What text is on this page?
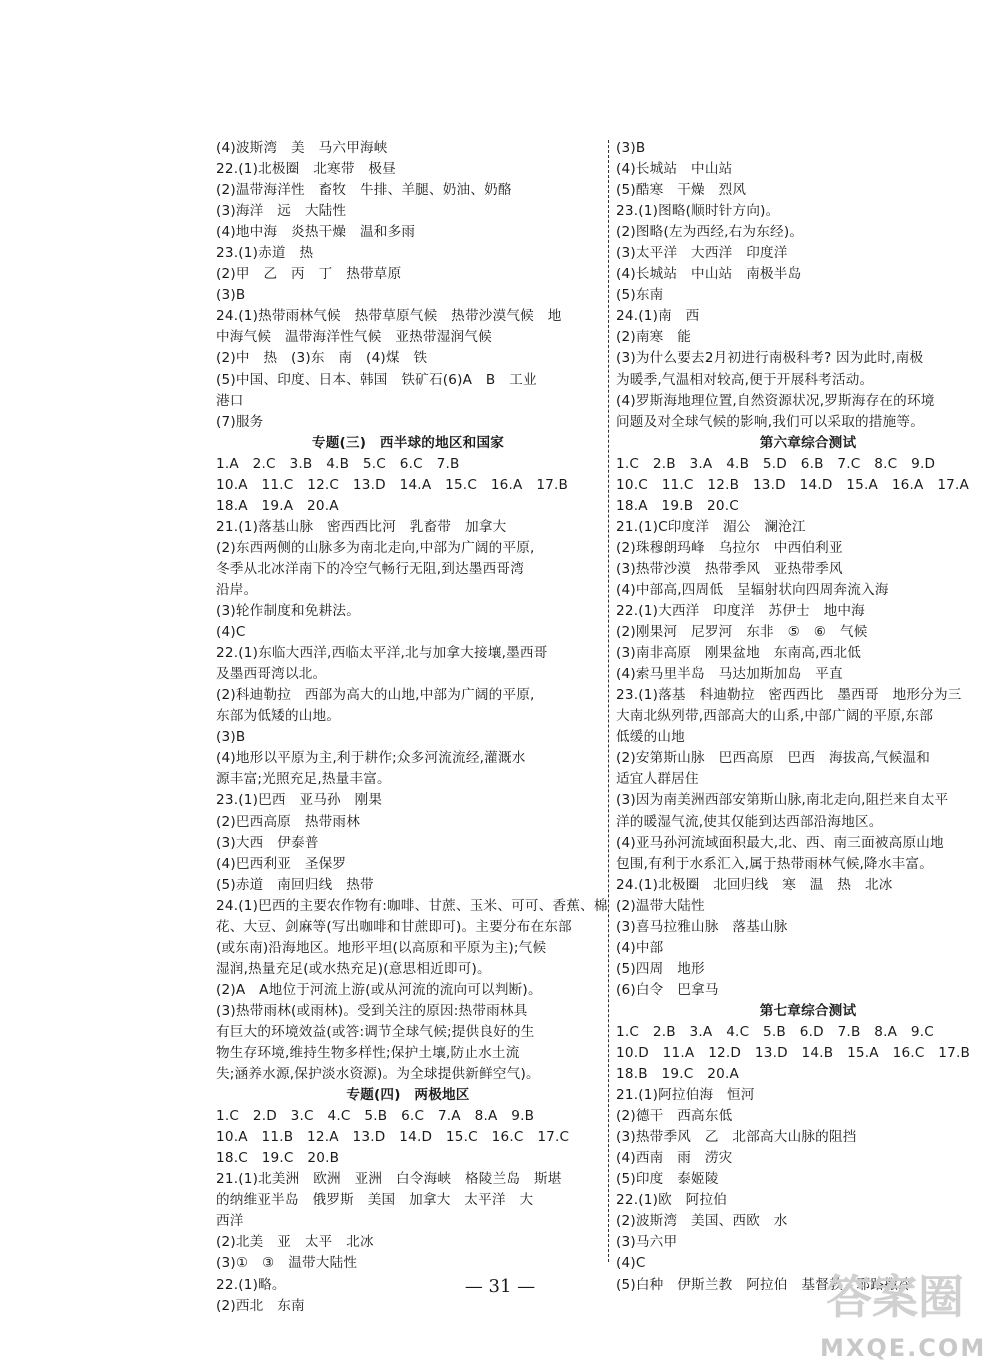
(4)波斯湾　美　马六甲海峡
22.(1)北极圈　北寒带　极昼
(2)温带海洋性　畜牧　牛排、羊腿、奶油、奶酪
(3)海洋　远　大陆性
(4)地中海　炎热干燥　温和多雨
23.(1)赤道　热
(2)甲　乙　丙　丁　热带草原
(3)B
24.(1)热带雨林气候　热带草原气候　热带沙漠气候　地
中海气候　温带海洋性气候　亚热带湿润气候
(2)中　热　(3)东　南　(4)煤　铁
(5)中国、印度、日本、韩国　铁矿石(6)A　B　工业
港口
(7)服务
专题(三)　西半球的地区和国家
1.A　2.C　3.B　4.B　5.C　6.C　7.B
10.A　11.C　12.C　13.D　14.A　15.C　16.A　17.B
18.A　19.A　20.A
21.(1)落基山脉　密西西比河　乳畜带　加拿大
(2)东西两侧的山脉多为南北走向,中部为广阔的平原,
冬季从北冰洋南下的冷空气畅行无阻,到达墨西哥湾
沿岸。
(3)轮作制度和免耕法。
(4)C
22.(1)东临大西洋,西临太平洋,北与加拿大接壤,墨西哥
及墨西哥湾以北。
(2)科迪勒拉　西部为高大的山地,中部为广阔的平原,
东部为低矮的山地。
(3)B
(4)地形以平原为主,利于耕作;众多河流流经,灌溉水
源丰富;光照充足,热量丰富。
23.(1)巴西　亚马孙　刚果
(2)巴西高原　热带雨林
(3)大西　伊泰普
(4)巴西利亚　圣保罗
(5)赤道　南回归线　热带
24.(1)巴西的主要农作物有:咖啡、甘蔗、玉米、可可、香蕉、棉
花、大豆、剑麻等(写出咖啡和甘蔗即可)。主要分布在东部
(或东南)沿海地区。地形平坦(以高原和平原为主);气候
湿润,热量充足(或水热充足)(意思相近即可)。
(2)A　A地位于河流上游(或从河流的流向可以判断)。
(3)热带雨林(或雨林)。受到关注的原因:热带雨林具
有巨大的环境效益(或答:调节全球气候;提供良好的生
物生存环境,维持生物多样性;保护土壤,防止水土流
失;涵养水源,保护淡水资源)。为全球提供新鲜空气)。
专题(四)　两极地区
1.C　2.D　3.C　4.C　5.B　6.C　7.A　8.A　9.B
10.A　11.B　12.A　13.D　14.D　15.C　16.C　17.C
18.C　19.C　20.B
21.(1)北美洲　欧洲　亚洲　白令海峡　格陵兰岛　斯堪
的纳维亚半岛　俄罗斯　美国　加拿大　太平洋　大
西洋
(2)北美　亚　太平　北冰
(3)①　③　温带大陆性
22.(1)略。
(2)西北　东南
(3)B
(4)长城站　中山站
(5)酷寒　干燥　烈风
23.(1)图略(顺时针方向)。
(2)图略(左为西经,右为东经)。
(3)太平洋　大西洋　印度洋
(4)长城站　中山站　南极半岛
(5)东南
24.(1)南　西
(2)南寒　能
(3)为什么要去2月初进行南极科考? 因为此时,南极
为暖季,气温相对较高,便于开展科考活动。
(4)罗斯海地理位置,自然资源状况,罗斯海存在的环境
问题及对全球气候的影响,我们可以采取的措施等。
第六章综合测试
1.C　2.B　3.A　4.B　5.D　6.B　7.C　8.C　9.D
10.C　11.C　12.B　13.D　14.D　15.A　16.A　17.A
18.A　19.B　20.C
21.(1)C印度洋　湄公　澜沧江
(2)珠穆朗玛峰　乌拉尔　中西伯利亚
(3)热带沙漠　热带季风　亚热带季风
(4)中部高,四周低　呈辐射状向四周奔流入海
22.(1)大西洋　印度洋　苏伊士　地中海
(2)刚果河　尼罗河　东非　⑤　⑥　气候
(3)南非高原　刚果盆地　东南高,西北低
(4)索马里半岛　马达加斯加岛　平直
23.(1)落基　科迪勒拉　密西西比　墨西哥　地形分为三
大南北纵列带,西部高大的山系,中部广阔的平原,东部
低缓的山地
(2)安第斯山脉　巴西高原　巴西　海拔高,气候温和
适宜人群居住
(3)因为南美洲西部安第斯山脉,南北走向,阻拦来自太平
洋的暖湿气流,使其仅能到达西部沿海地区。
(4)亚马孙河流域面积最大,北、西、南三面被高原山地
包围,有利于水系汇入,属于热带雨林气候,降水丰富。
24.(1)北极圈　北回归线　寒　温　热　北冰
(2)温带大陆性
(3)喜马拉雅山脉　落基山脉
(4)中部
(5)四周　地形
(6)白令　巴拿马
第七章综合测试
1.C　2.B　3.A　4.C　5.B　6.D　7.B　8.A　9.C
10.D　11.A　12.D　13.D　14.B　15.A　16.C　17.B
18.B　19.C　20.A
21.(1)阿拉伯海　恒河
(2)德干　西高东低
(3)热带季风　乙　北部高大山脉的阻挡
(4)西南　雨　涝灾
(5)印度　泰姬陵
22.(1)欧　阿拉伯
(2)波斯湾　美国、西欧　水
(3)马六甲
(4)C
(5)白种　伊斯兰教　阿拉伯　基督教　耶路撒冷
— 31 —	答案圈
MXQE.COM
